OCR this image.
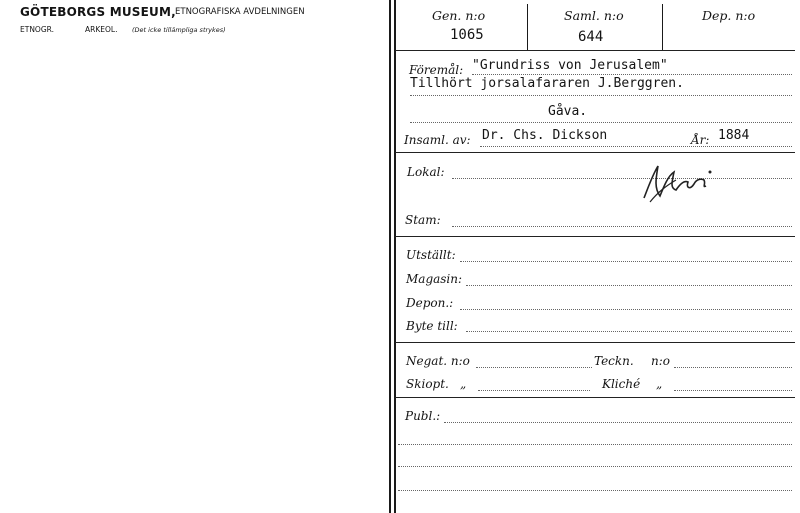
GÖTEBORGS MUSEUM, ETNOGRAFISKA AVDELNINGEN
ETNOGR.	ARKEOL. (Det icke tillämpliga strykes)
Gen. n:o	Saml. n:o	Dep. n:o
1065	644
Föremål: "Grundriss von Jerusalem"
Tillhört jorsalafararen J.Berggren.
Gåva.
Insaml. av: Dr. Chs. Dickson	År: 1884
Lokal:
Stam:
Utställt:
Magasin:
Depon.:
Byte till:
Negat. n:o	Teckn. n:o
Skiopt. „	Kliché „
Publ.:
